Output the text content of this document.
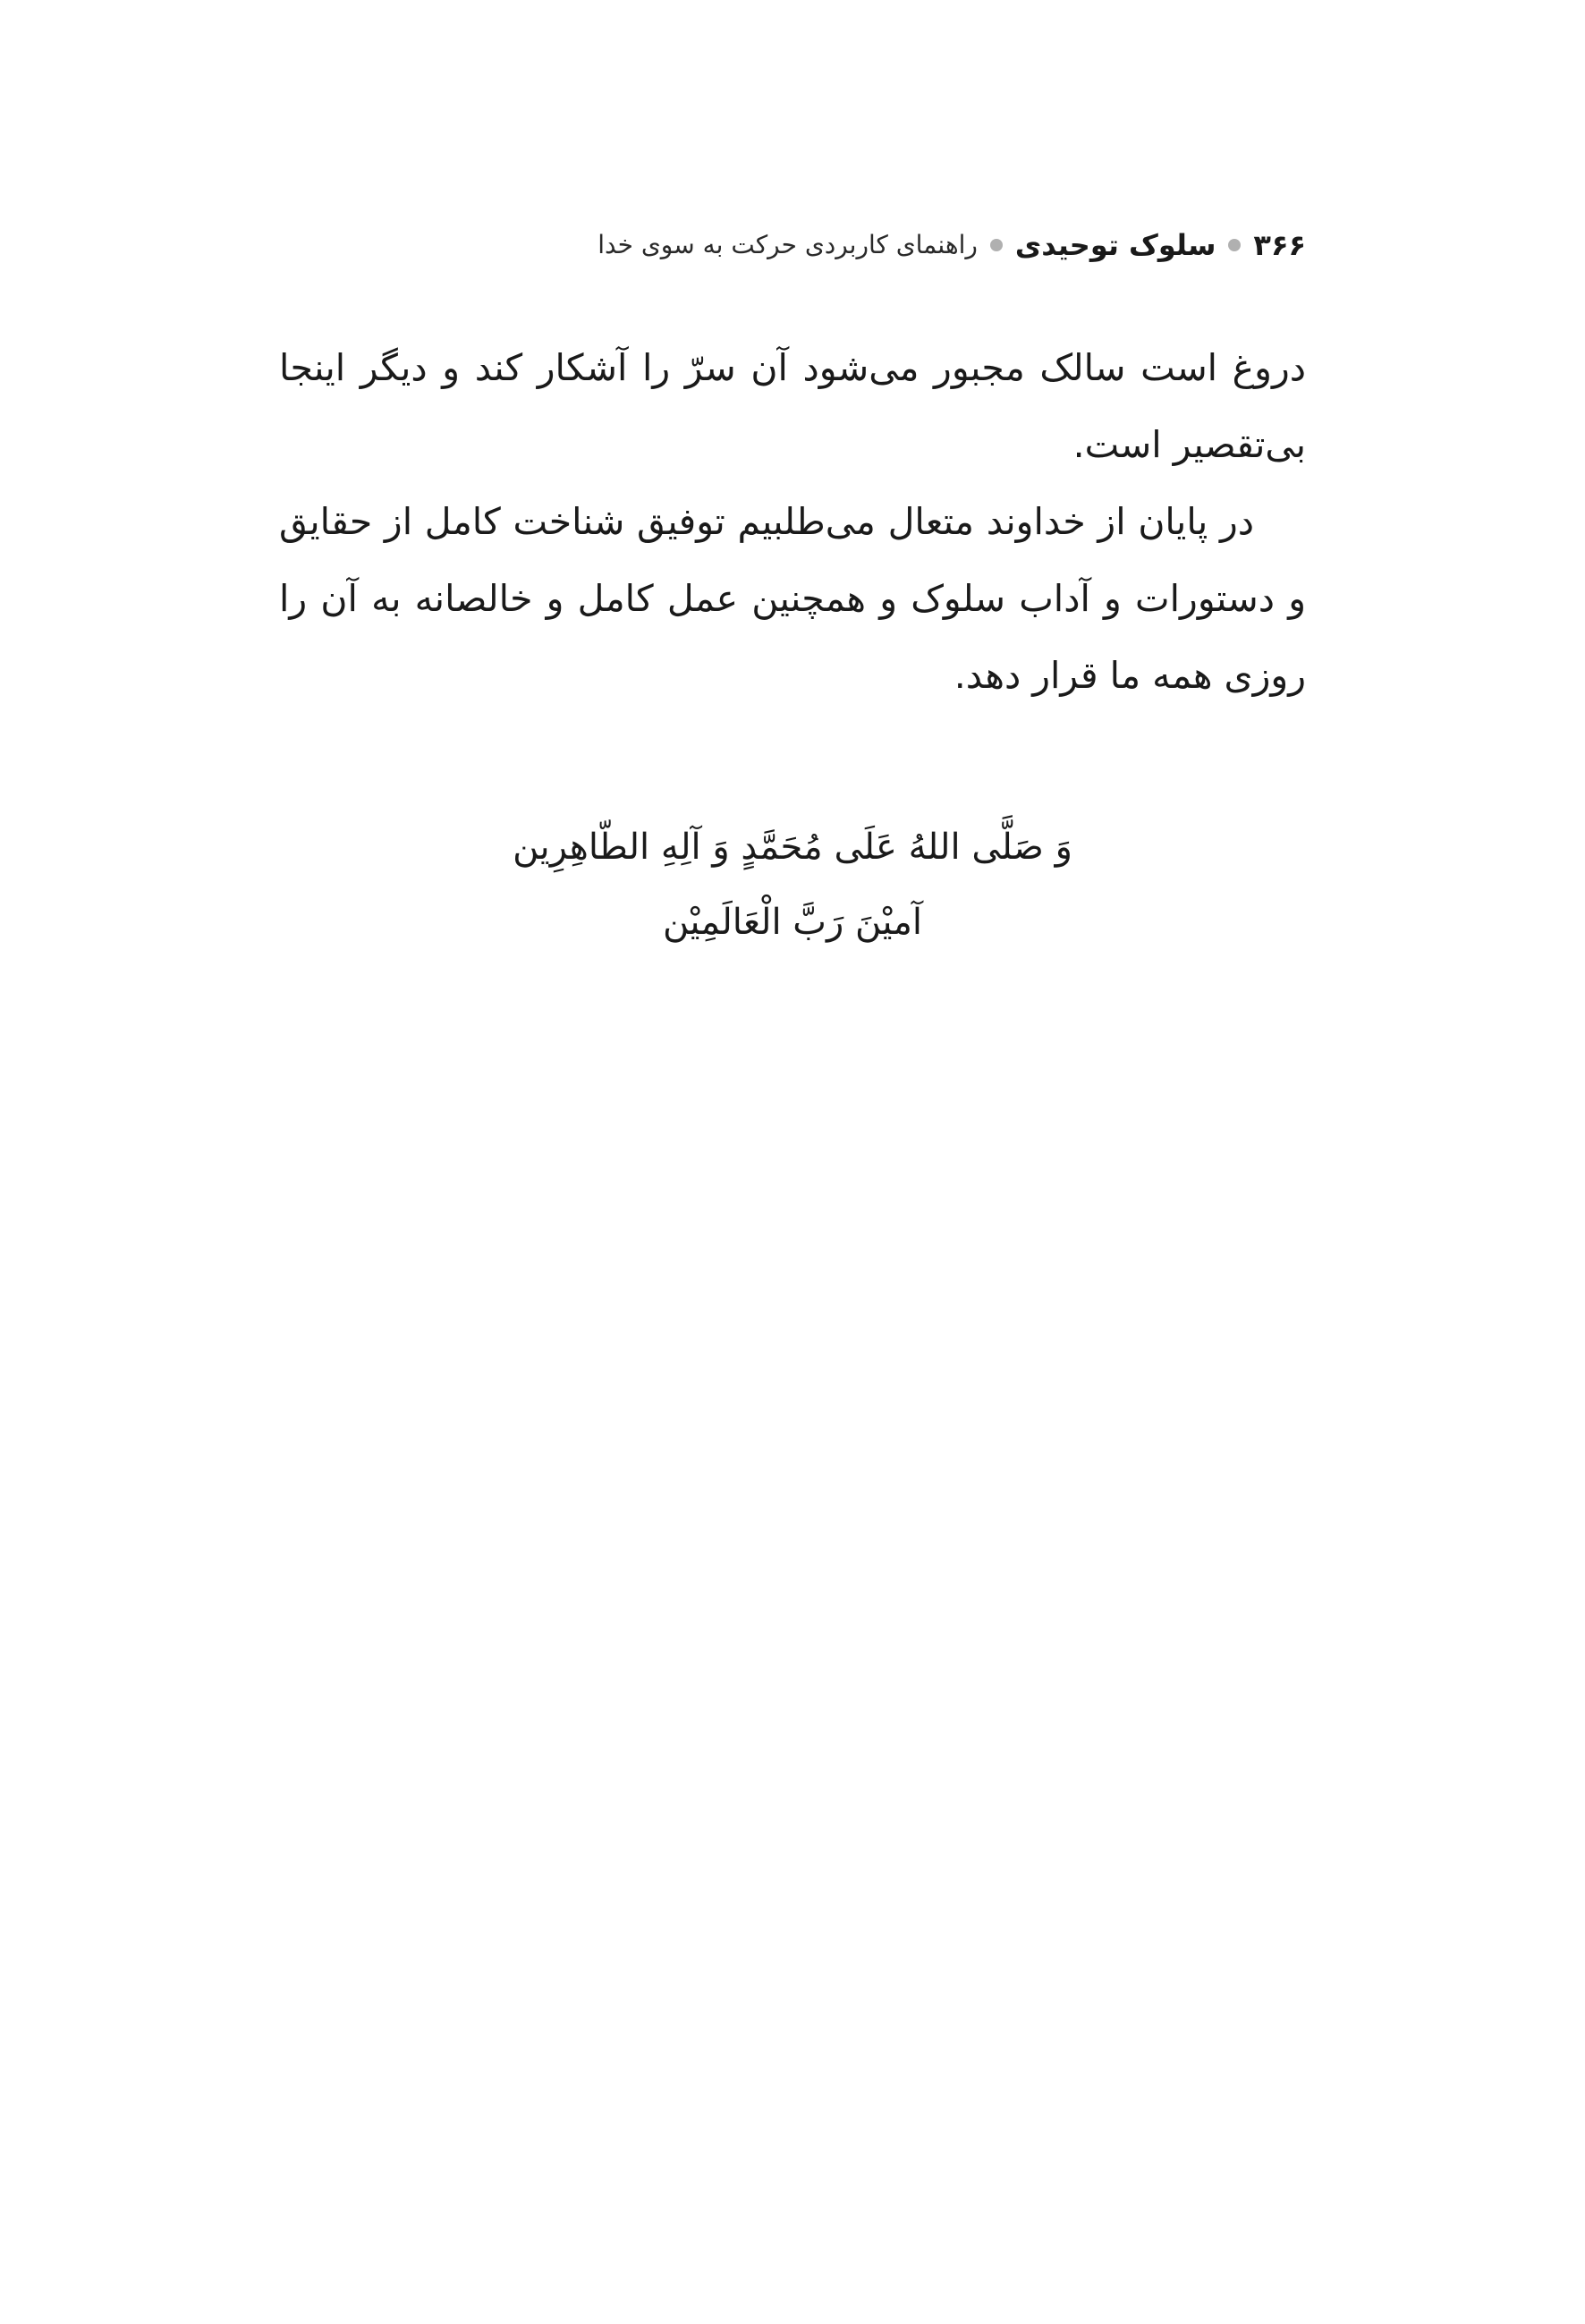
۳۶۶
سلوک توحیدی
راهنمای کاربردی حرکت به سوی خدا

دروغ است سالک مجبور می‌شود آن سرّ را آشکار کند و دیگر اینجا بی‌تقصیر است.

در پایان از خداوند متعال می‌طلبیم توفیق شناخت کامل از حقایق و دستورات و آداب سلوک و همچنین عمل کامل و خالصانه به آن را روزی همه ما قرار دهد.

وَ صَلَّی اللهُ عَلَی مُحَمَّدٍ وَ آلِهِ الطّاهِرِین
آمیْنَ رَبَّ الْعَالَمِیْن
